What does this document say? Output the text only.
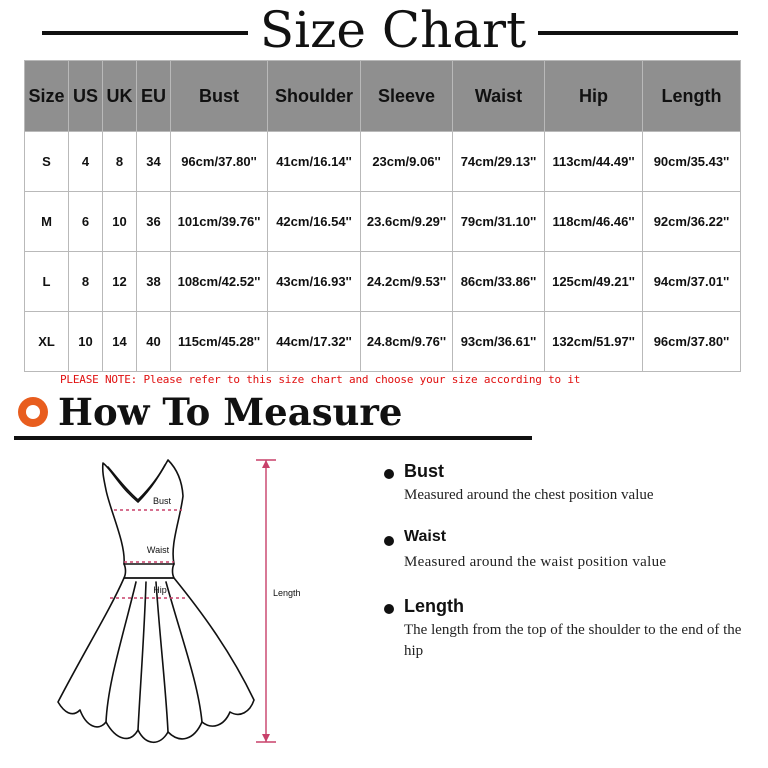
Size Chart
Size	US	UK	EU	Bust	Shoulder	Sleeve	Waist	Hip	Length
S	4	8	34	96cm/37.80''	41cm/16.14''	23cm/9.06''	74cm/29.13''	113cm/44.49''	90cm/35.43''
M	6	10	36	101cm/39.76''	42cm/16.54''	23.6cm/9.29''	79cm/31.10''	118cm/46.46''	92cm/36.22''
L	8	12	38	108cm/42.52''	43cm/16.93''	24.2cm/9.53''	86cm/33.86''	125cm/49.21''	94cm/37.01''
XL	10	14	40	115cm/45.28''	44cm/17.32''	24.8cm/9.76''	93cm/36.61''	132cm/51.97''	96cm/37.80''
PLEASE NOTE: Please refer to this size chart and choose your size according to it
How To Measure
Bust
Waist
Hip	Length
Bust
Measured around the chest position value
Waist
Measured around the waist position value
Length
The length from the top of the shoulder to the end of the hip
